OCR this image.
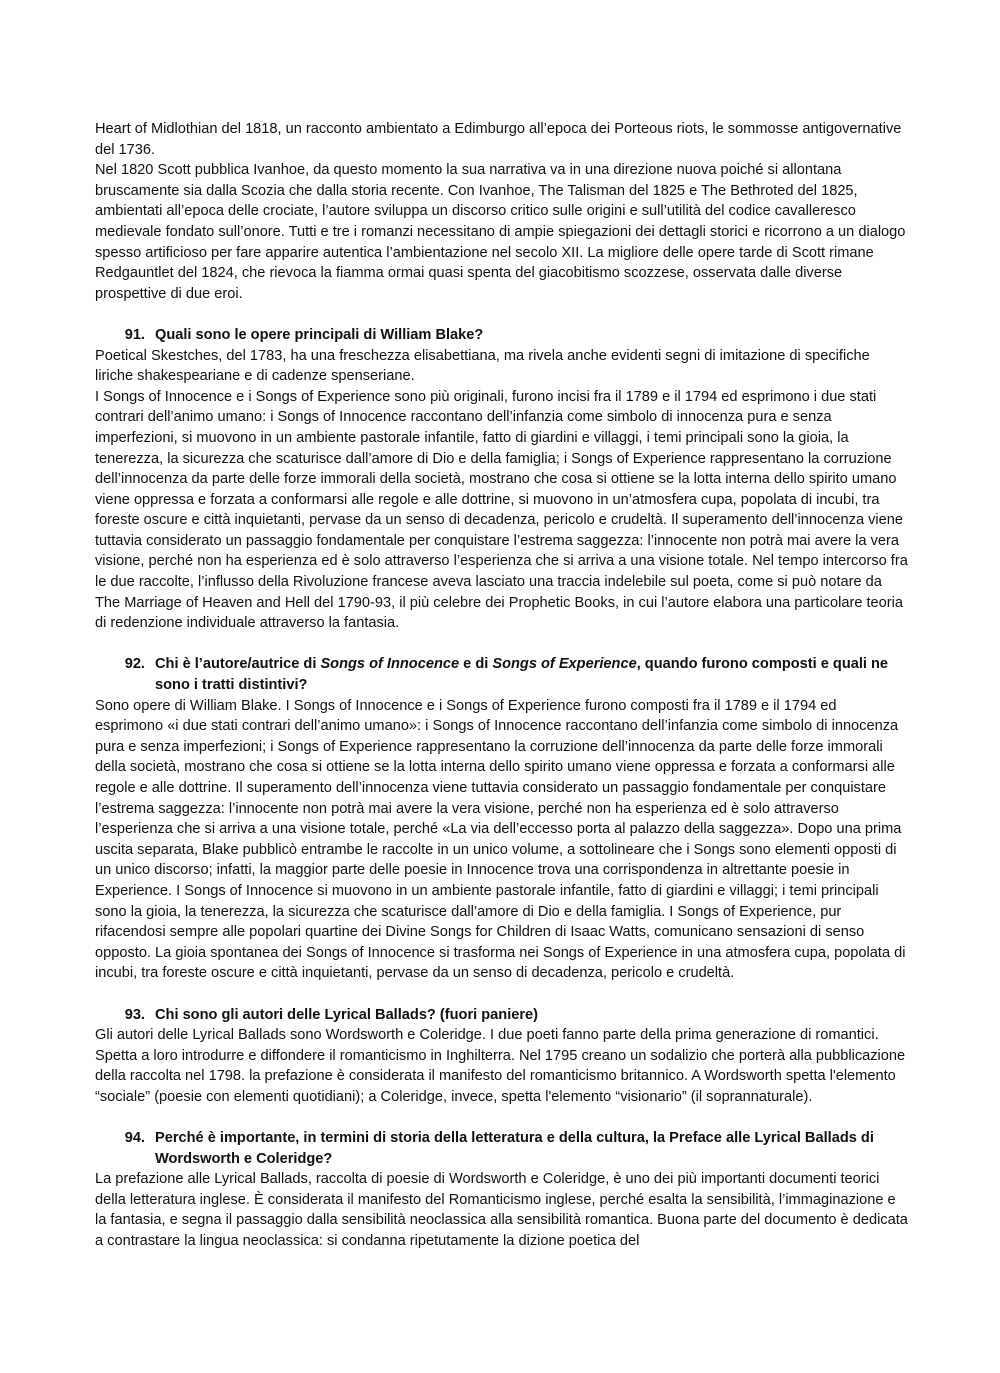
Heart of Midlothian del 1818, un racconto ambientato a Edimburgo all’epoca dei Porteous riots, le sommosse antigovernative del 1736.

Nel 1820 Scott pubblica Ivanhoe, da questo momento la sua narrativa va in una direzione nuova poiché si allontana bruscamente sia dalla Scozia che dalla storia recente. Con Ivanhoe, The Talisman del 1825 e The Bethroted del 1825, ambientati all’epoca delle crociate, l’autore sviluppa un discorso critico sulle origini e sull’utilità del codice cavalleresco medievale fondato sull’onore. Tutti e tre i romanzi necessitano di ampie spiegazioni dei dettagli storici e ricorrono a un dialogo spesso artificioso per fare apparire autentica l’ambientazione nel secolo XII. La migliore delle opere tarde di Scott rimane Redgauntlet del 1824, che rievoca la fiamma ormai quasi spenta del giacobitismo scozzese, osservata dalle diverse prospettive di due eroi.

91. Quali sono le opere principali di William Blake?

Poetical Skestches, del 1783, ha una freschezza elisabettiana, ma rivela anche evidenti segni di imitazione di specifiche liriche shakespeariane e di cadenze spenseriane.

I Songs of Innocence e i Songs of Experience sono più originali, furono incisi fra il 1789 e il 1794 ed esprimono i due stati contrari dell’animo umano: i Songs of Innocence raccontano dell’infanzia come simbolo di innocenza pura e senza imperfezioni, si muovono in un ambiente pastorale infantile, fatto di giardini e villaggi, i temi principali sono la gioia, la tenerezza, la sicurezza che scaturisce dall’amore di Dio e della famiglia; i Songs of Experience rappresentano la corruzione dell’innocenza da parte delle forze immorali della società, mostrano che cosa si ottiene se la lotta interna dello spirito umano viene oppressa e forzata a conformarsi alle regole e alle dottrine, si muovono in un’atmosfera cupa, popolata di incubi, tra foreste oscure e città inquietanti, pervase da un senso di decadenza, pericolo e crudeltà. Il superamento dell’innocenza viene tuttavia considerato un passaggio fondamentale per conquistare l’estrema saggezza: l’innocente non potrà mai avere la vera visione, perché non ha esperienza ed è solo attraverso l’esperienza che si arriva a una visione totale. Nel tempo intercorso fra le due raccolte, l’influsso della Rivoluzione francese aveva lasciato una traccia indelebile sul poeta, come si può notare da The Marriage of Heaven and Hell del 1790-93, il più celebre dei Prophetic Books, in cui l’autore elabora una particolare teoria di redenzione individuale attraverso la fantasia.

92. Chi è l’autore/autrice di Songs of Innocence e di Songs of Experience, quando furono composti e quali ne sono i tratti distintivi?

Sono opere di William Blake. I Songs of Innocence e i Songs of Experience furono composti fra il 1789 e il 1794 ed esprimono «i due stati contrari dell’animo umano»: i Songs of Innocence raccontano dell’infanzia come simbolo di innocenza pura e senza imperfezioni; i Songs of Experience rappresentano la corruzione dell’innocenza da parte delle forze immorali della società, mostrano che cosa si ottiene se la lotta interna dello spirito umano viene oppressa e forzata a conformarsi alle regole e alle dottrine. Il superamento dell’innocenza viene tuttavia considerato un passaggio fondamentale per conquistare l’estrema saggezza: l’innocente non potrà mai avere la vera visione, perché non ha esperienza ed è solo attraverso l’esperienza che si arriva a una visione totale, perché «La via dell’eccesso porta al palazzo della saggezza». Dopo una prima uscita separata, Blake pubblicò entrambe le raccolte in un unico volume, a sottolineare che i Songs sono elementi opposti di un unico discorso; infatti, la maggior parte delle poesie in Innocence trova una corrispondenza in altrettante poesie in Experience. I Songs of Innocence si muovono in un ambiente pastorale infantile, fatto di giardini e villaggi; i temi principali sono la gioia, la tenerezza, la sicurezza che scaturisce dall’amore di Dio e della famiglia. I Songs of Experience, pur rifacendosi sempre alle popolari quartine dei Divine Songs for Children di Isaac Watts, comunicano sensazioni di senso opposto. La gioia spontanea dei Songs of Innocence si trasforma nei Songs of Experience in una atmosfera cupa, popolata di incubi, tra foreste oscure e città inquietanti, pervase da un senso di decadenza, pericolo e crudeltà.

93. Chi sono gli autori delle Lyrical Ballads? (fuori paniere)

Gli autori delle Lyrical Ballads sono Wordsworth e Coleridge. I due poeti fanno parte della prima generazione di romantici. Spetta a loro introdurre e diffondere il romanticismo in Inghilterra. Nel 1795 creano un sodalizio che porterà alla pubblicazione della raccolta nel 1798. la prefazione è considerata il manifesto del romanticismo britannico. A Wordsworth spetta l'elemento “sociale” (poesie con elementi quotidiani); a Coleridge, invece, spetta l'elemento “visionario” (il soprannaturale).

94. Perché è importante, in termini di storia della letteratura e della cultura, la Preface alle Lyrical Ballads di Wordsworth e Coleridge?

La prefazione alle Lyrical Ballads, raccolta di poesie di Wordsworth e Coleridge, è uno dei più importanti documenti teorici della letteratura inglese. È considerata il manifesto del Romanticismo inglese, perché esalta la sensibilità, l’immaginazione e la fantasia, e segna il passaggio dalla sensibilità neoclassica alla sensibilità romantica. Buona parte del documento è dedicata a contrastare la lingua neoclassica: si condanna ripetutamente la dizione poetica del
